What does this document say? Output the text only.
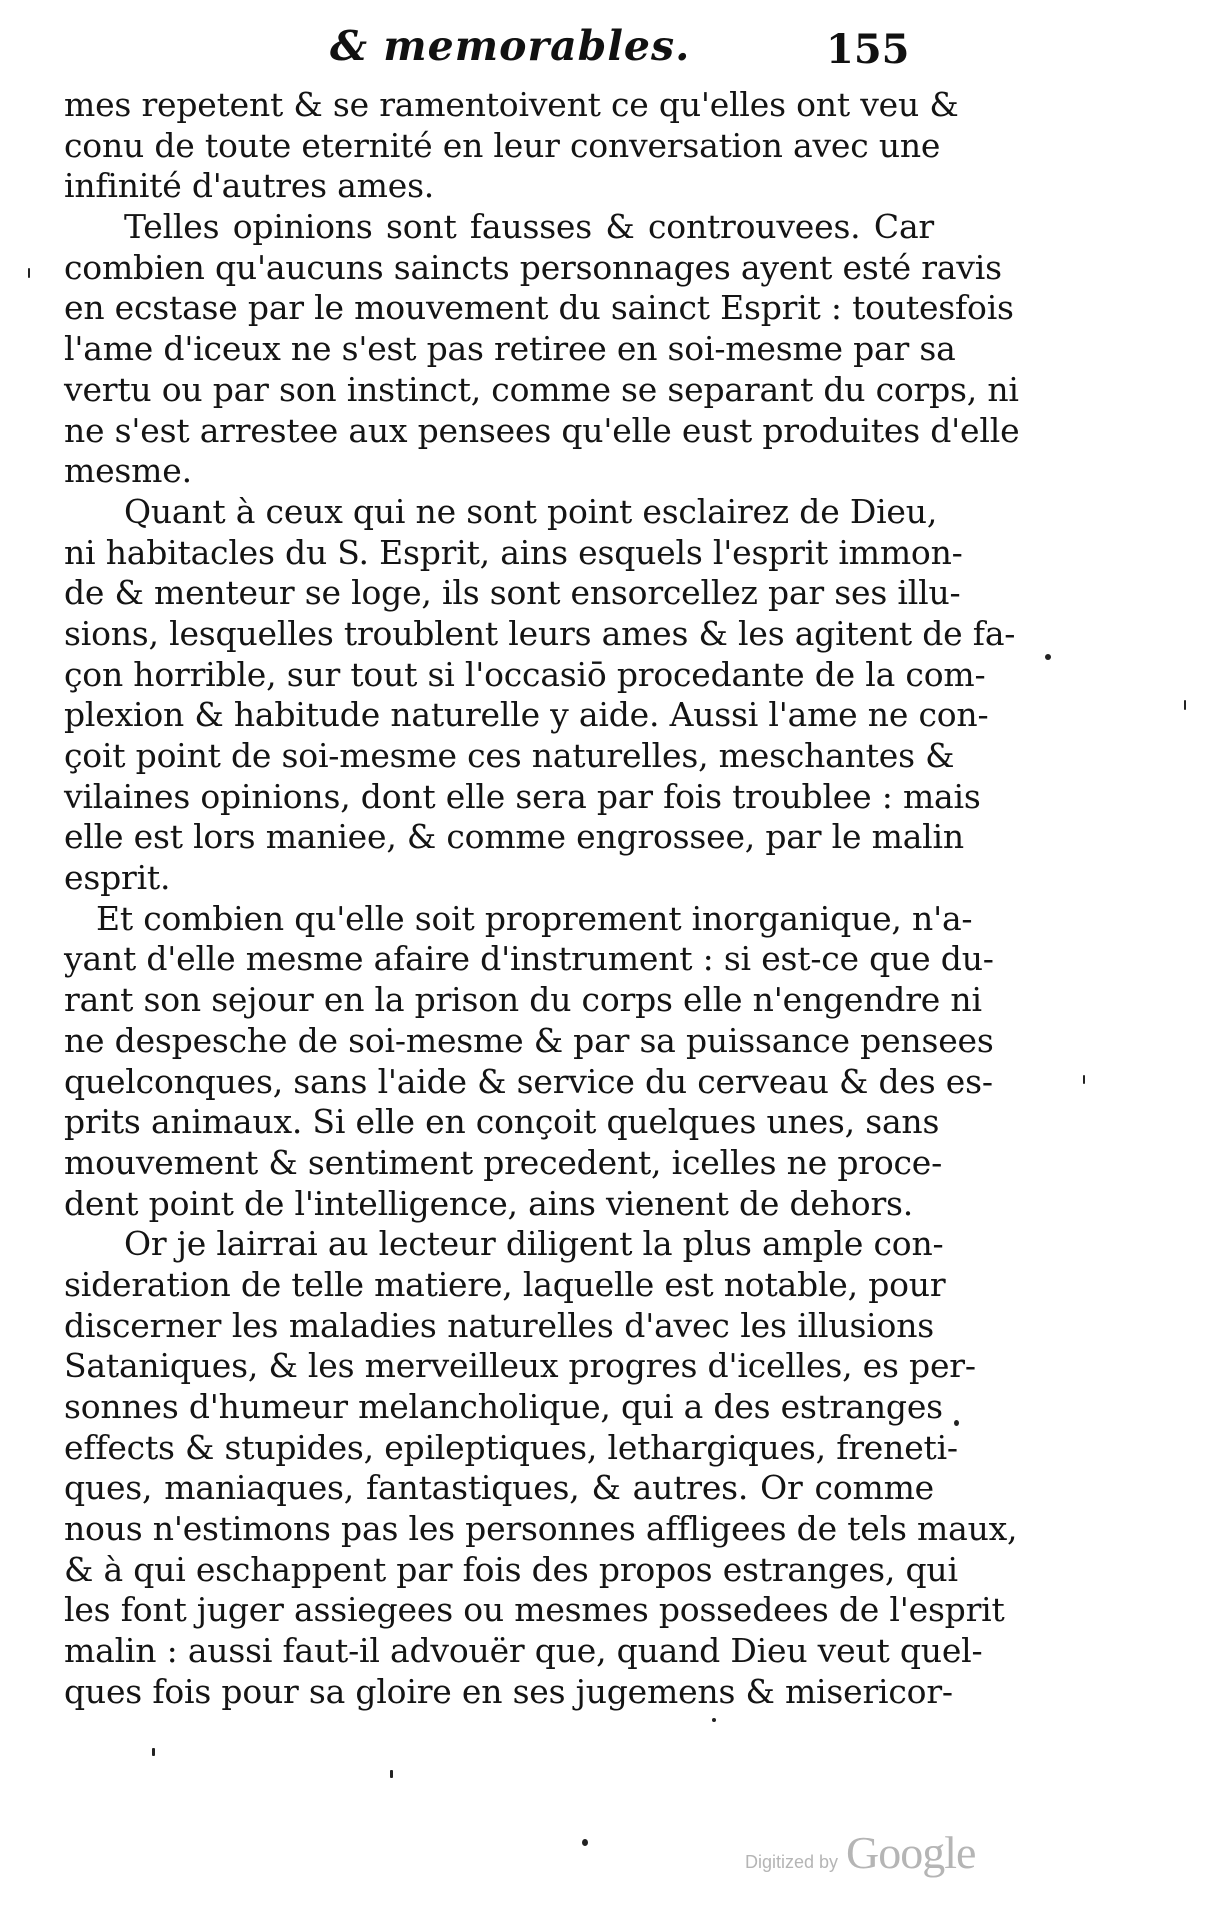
& memorables.	155
mes repetent & se ramentoivent ce qu'elles ont veu &
conu de toute eternité en leur conversation avec une
infinité d'autres ames.
Telles opinions sont fausses & controuvees. Car
combien qu'aucuns saincts personnages ayent esté ravis
en ecstase par le mouvement du sainct Esprit : toutesfois
l'ame d'iceux ne s'est pas retiree en soi-mesme par sa
vertu ou par son instinct, comme se separant du corps, ni
ne s'est arrestee aux pensees qu'elle eust produites d'elle
mesme.
Quant à ceux qui ne sont point esclairez de Dieu,
ni habitacles du S. Esprit, ains esquels l'esprit immon-
de & menteur se loge, ils sont ensorcellez par ses illu-
sions, lesquelles troublent leurs ames & les agitent de fa-
çon horrible, sur tout si l'occasiō procedante de la com-
plexion & habitude naturelle y aide. Aussi l'ame ne con-
çoit point de soi-mesme ces naturelles, meschantes &
vilaines opinions, dont elle sera par fois troublee : mais
elle est lors maniee, & comme engrossee, par le malin
esprit.
Et combien qu'elle soit proprement inorganique, n'a-
yant d'elle mesme afaire d'instrument : si est-ce que du-
rant son sejour en la prison du corps elle n'engendre ni
ne despesche de soi-mesme & par sa puissance pensees
quelconques, sans l'aide & service du cerveau & des es-
prits animaux. Si elle en conçoit quelques unes, sans
mouvement & sentiment precedent, icelles ne proce-
dent point de l'intelligence, ains vienent de dehors.
Or je lairrai au lecteur diligent la plus ample con-
sideration de telle matiere, laquelle est notable, pour
discerner les maladies naturelles d'avec les illusions
Sataniques, & les merveilleux progres d'icelles, es per-
sonnes d'humeur melancholique, qui a des estranges
effects & stupides, epileptiques, lethargiques, freneti-
ques, maniaques, fantastiques, & autres. Or comme
nous n'estimons pas les personnes affligees de tels maux,
& à qui eschappent par fois des propos estranges, qui
les font juger assiegees ou mesmes possedees de l'esprit
malin : aussi faut-il advouër que, quand Dieu veut quel-
ques fois pour sa gloire en ses jugemens & misericor-
Digitized by Google
